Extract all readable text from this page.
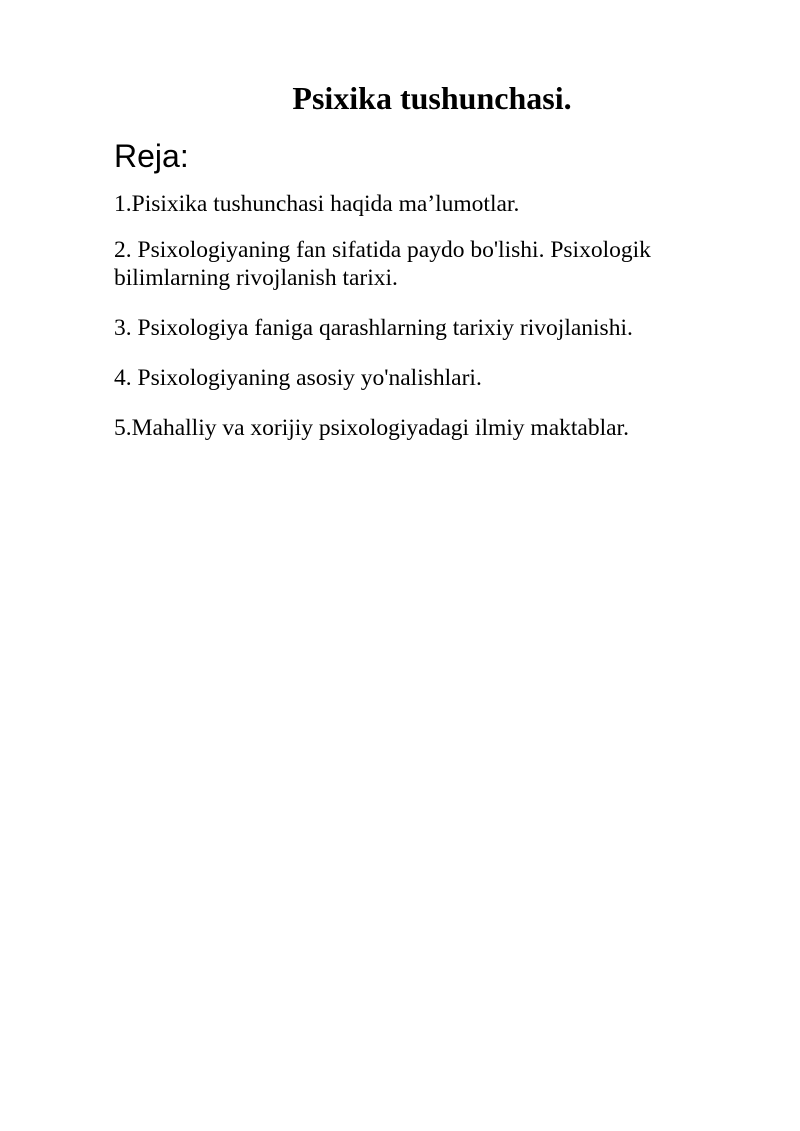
Psixika tushunchasi.
Reja:
1.Pisixika tushunchasi haqida ma’lumotlar.
2. Psixologiyaning fan sifatida paydo bo'lishi. Psixologik bilimlarning rivojlanish tarixi.
3. Psixologiya faniga qarashlarning tarixiy rivojlanishi.
4. Psixologiyaning asosiy yo'nalishlari.
5.Mahalliy va xorijiy psixologiyadagi ilmiy maktablar.
